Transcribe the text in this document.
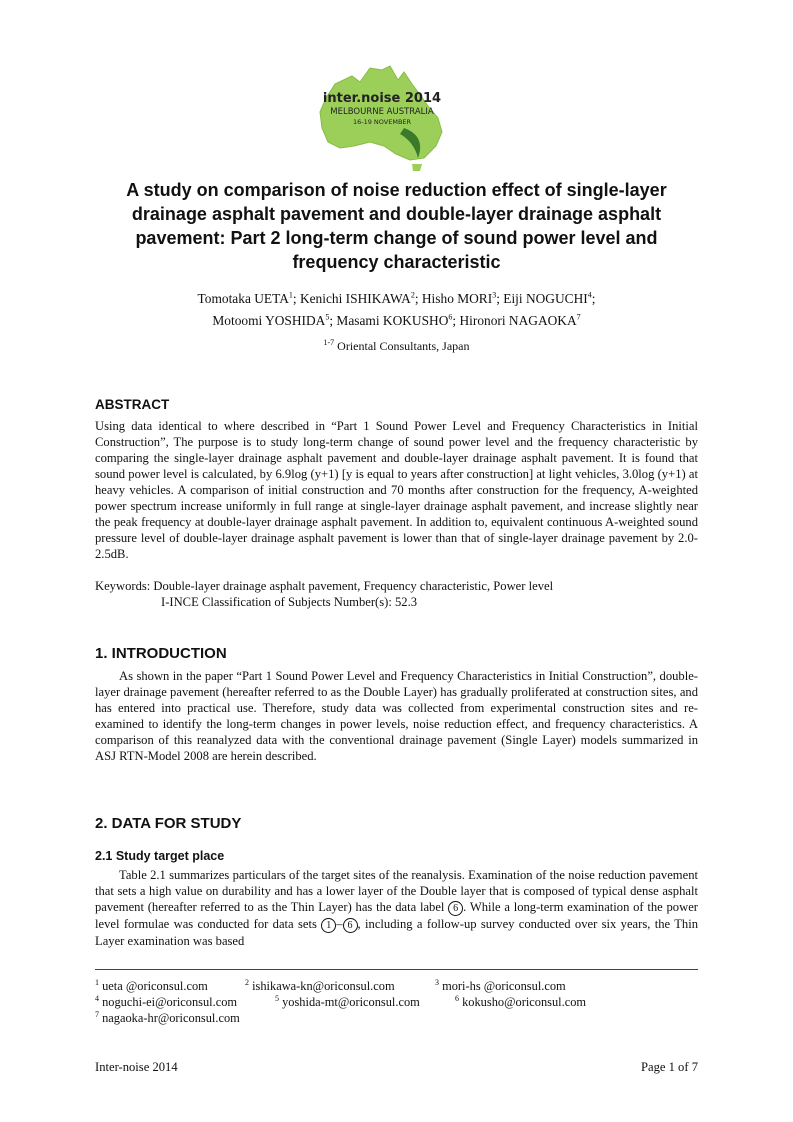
inter.noise 2014
MELBOURNE AUSTRALIA
16-19 NOVEMBER
A study on comparison of noise reduction effect of single-layer drainage asphalt pavement and double-layer drainage asphalt pavement: Part 2 long-term change of sound power level and frequency characteristic
Tomotaka UETA$^1$; Kenichi ISHIKAWA$^2$; Hisho MORI$^3$; Eiji NOGUCHI$^4$;
Motoomi YOSHIDA$^5$; Masami KOKUSHO$^6$; Hironori NAGAOKA$^7$
$^{1-7}$ Oriental Consultants, Japan
ABSTRACT

Using data identical to where described in “Part 1 Sound Power Level and Frequency Characteristics in Initial Construction”, The purpose is to study long-term change of sound power level and the frequency characteristic by comparing the single-layer drainage asphalt pavement and double-layer drainage asphalt pavement. It is found that sound power level is calculated, by 6.9log (y+1) [y is equal to years after construction] at light vehicles, 3.0log (y+1) at heavy vehicles. A comparison of initial construction and 70 months after construction for the frequency, A-weighted power spectrum increase uniformly in full range at single-layer drainage asphalt pavement, and increase slightly near the peak frequency at double-layer drainage asphalt pavement. In addition to, equivalent continuous A-weighted sound pressure level of double-layer drainage asphalt pavement is lower than that of single-layer drainage pavement by 2.0-2.5dB.

Keywords: Double-layer drainage asphalt pavement, Frequency characteristic, Power level
I-INCE Classification of Subjects Number(s): 52.3
1. INTRODUCTION

As shown in the paper “Part 1 Sound Power Level and Frequency Characteristics in Initial Construction”, double-layer drainage pavement (hereafter referred to as the Double Layer) has gradually proliferated at construction sites, and has entered into practical use. Therefore, study data was collected from experimental construction sites and re-examined to identify the long-term changes in power levels, noise reduction effect, and frequency characteristics. A comparison of this reanalyzed data with the conventional drainage pavement (Single Layer) models summarized in ASJ RTN-Model 2008 are herein described.

2. DATA FOR STUDY
2.1 Study target place

Table 2.1 summarizes particulars of the target sites of the reanalysis. Examination of the noise reduction pavement that sets a high value on durability and has a lower layer of the Double layer that is composed of typical dense asphalt pavement (hereafter referred to as the Thin Layer) has the data label 6 . While a long-term examination of the power level formulae was conducted for data sets 1 – 6 , including a follow-up survey conducted over six years, the Thin Layer examination was based

$^1$ ueta @oriconsul.com	$^2$ ishikawa-kn@oriconsul.com	$^3$ mori-hs @oriconsul.com
$^4$ noguchi-ei@oriconsul.com	$^5$ yoshida-mt@oriconsul.com	$^6$ kokusho@oriconsul.com
$^7$ nagaoka-hr@oriconsul.com
Inter-noise 2014	Page 1 of 7
